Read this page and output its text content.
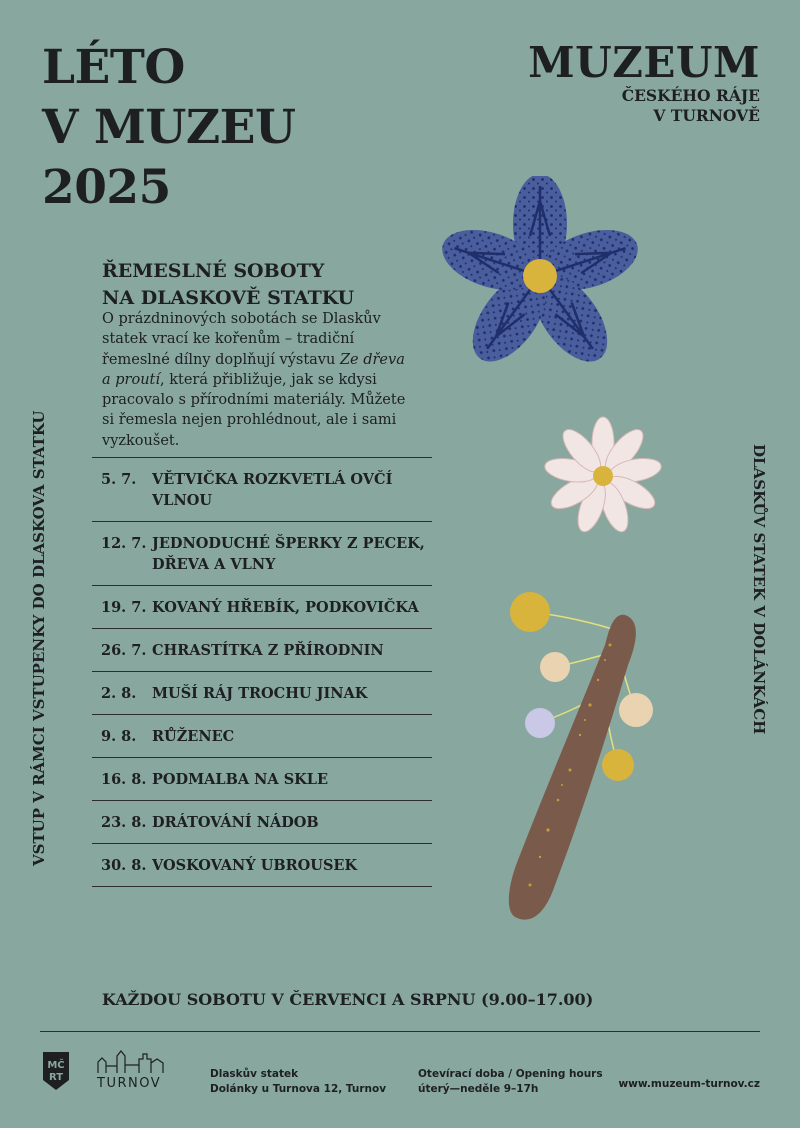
LÉTO
V MUZEU
2025
MUZEUM
ČESKÉHO RÁJE
V TURNOVĚ
ŘEMESLNÉ SOBOTY
NA DLASKOVĚ STATKU
O prázdninových sobotách se Dlaskův statek vrací ke kořenům – tradiční řemeslné dílny doplňují výstavu Ze dřeva a proutí, která přibližuje, jak se kdysi pracovalo s přírodními materiály. Můžete si řemesla nejen prohlédnout, ale i sami vyzkoušet.
5. 7.	VĚTVIČKA ROZKVETLÁ OVČÍ VLNOU
12. 7. JEDNODUCHÉ ŠPERKY Z PECEK, DŘEVA A VLNY
19. 7. KOVANÝ HŘEBÍK, PODKOVIČKA
26. 7. CHRASTÍTKA Z PŘÍRODNIN
2. 8.	MUŠÍ RÁJ TROCHU JINAK
9. 8.	RŮŽENEC
16. 8. PODMALBA NA SKLE
23. 8. DRÁTOVÁNÍ NÁDOB
30. 8. VOSKOVANÝ UBROUSEK
VSTUP V RÁMCI VSTUPENKY DO DLASKOVA STATKU	DLASKŮV STATEK V DOLÁNKÁCH
KAŽDOU SOBOTU V ČERVENCI A SRPNU (9.00–17.00)
MČ
RT	TURNOV
Dlaskův statek
Dolánky u Turnova 12, Turnov
Otevírací doba / Opening hours
úterý—neděle 9–17h	www.muzeum-turnov.cz
